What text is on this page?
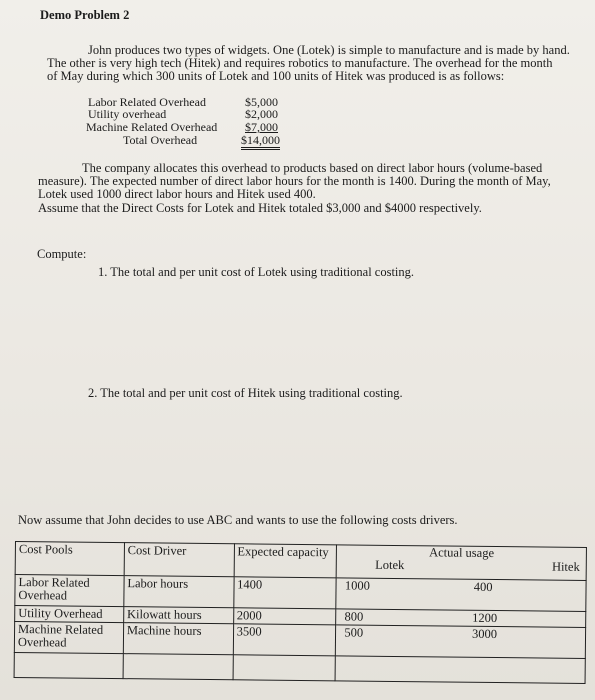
Demo Problem 2
John produces two types of widgets. One (Lotek) is simple to manufacture and is made by hand.
The other is very high tech (Hitek) and requires robotics to manufacture. The overhead for the month
of May during which 300 units of Lotek and 100 units of Hitek was produced is as follows:
Labor Related Overhead	$5,000
Utility overhead	$2,000
Machine Related Overhead	$7,000
Total Overhead	$14,000
The company allocates this overhead to products based on direct labor hours (volume-based
measure). The expected number of direct labor hours for the month is 1400. During the month of May,
Lotek used 1000 direct labor hours and Hitek used 400.
Assume that the Direct Costs for Lotek and Hitek totaled $3,000 and $4000 respectively.
Compute:
1. The total and per unit cost of Lotek using traditional costing.
2. The total and per unit cost of Hitek using traditional costing.
Now assume that John decides to use ABC and wants to use the following costs drivers.
Cost Pools	Cost Driver	Expected capacity	Actual usage
Lotek Hitek

Labor Related Overhead	Labor hours	1400	1000 400

Utility Overhead	Kilowatt hours	2000	800 1200

Machine Related Overhead	Machine hours	3500	500 3000
